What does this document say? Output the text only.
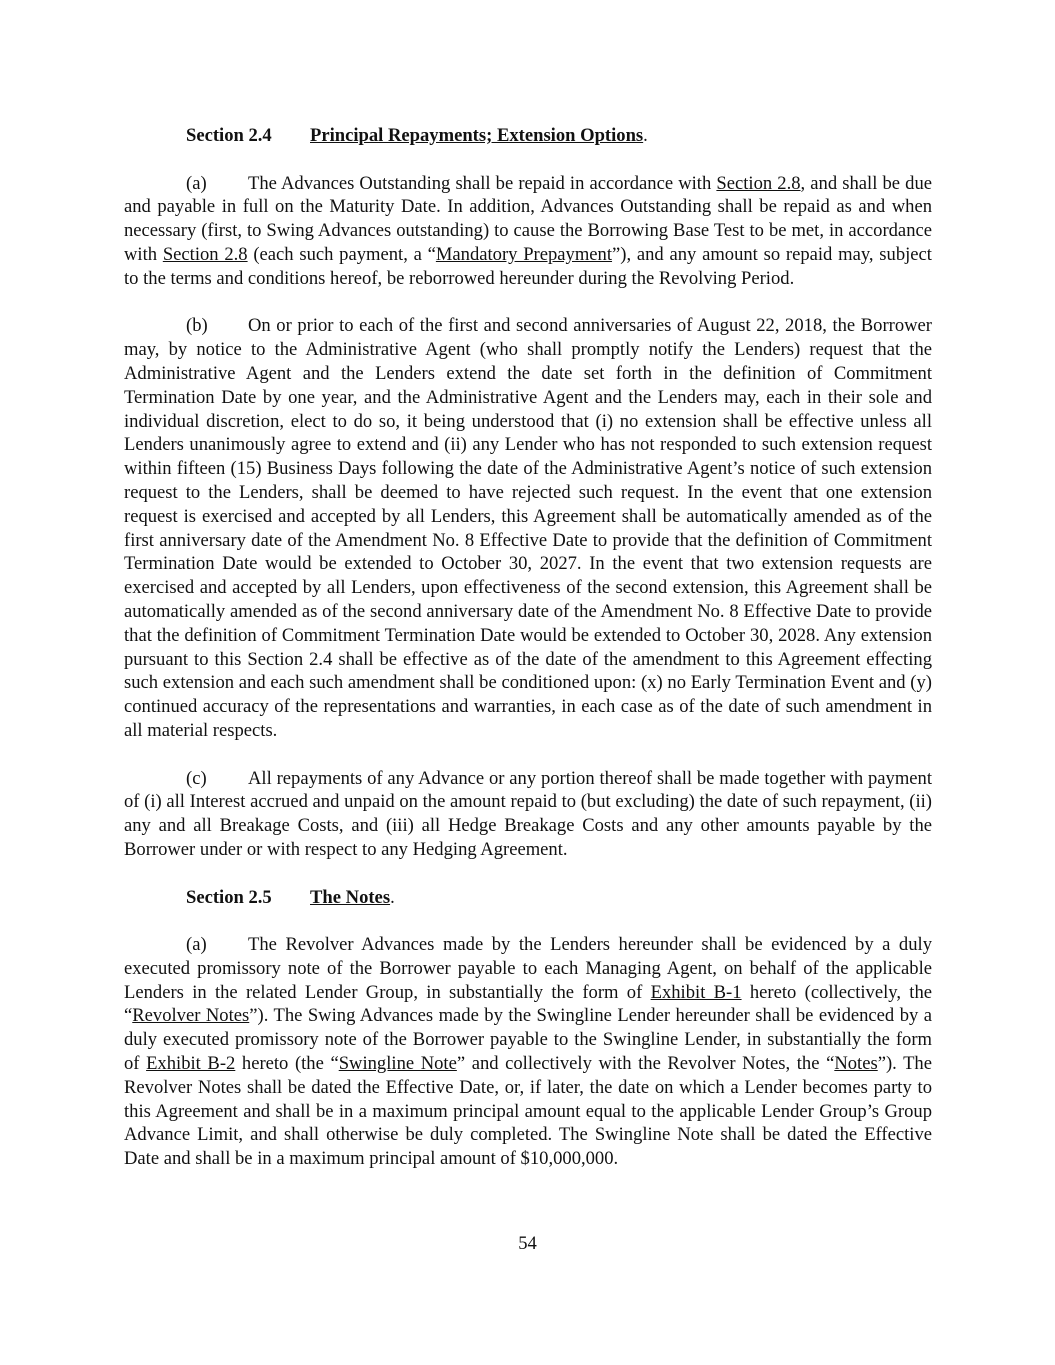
Section 2.4 Principal Repayments; Extension Options.

(a) The Advances Outstanding shall be repaid in accordance with Section 2.8, and shall be due and payable in full on the Maturity Date. In addition, Advances Outstanding shall be repaid as and when necessary (first, to Swing Advances outstanding) to cause the Borrowing Base Test to be met, in accordance with Section 2.8 (each such payment, a “Mandatory Prepayment”), and any amount so repaid may, subject to the terms and conditions hereof, be reborrowed hereunder during the Revolving Period.

(b) On or prior to each of the first and second anniversaries of August 22, 2018, the Borrower may, by notice to the Administrative Agent (who shall promptly notify the Lenders) request that the Administrative Agent and the Lenders extend the date set forth in the definition of Commitment Termination Date by one year, and the Administrative Agent and the Lenders may, each in their sole and individual discretion, elect to do so, it being understood that (i) no extension shall be effective unless all Lenders unanimously agree to extend and (ii) any Lender who has not responded to such extension request within fifteen (15) Business Days following the date of the Administrative Agent’s notice of such extension request to the Lenders, shall be deemed to have rejected such request. In the event that one extension request is exercised and accepted by all Lenders, this Agreement shall be automatically amended as of the first anniversary date of the Amendment No. 8 Effective Date to provide that the definition of Commitment Termination Date would be extended to October 30, 2027. In the event that two extension requests are exercised and accepted by all Lenders, upon effectiveness of the second extension, this Agreement shall be automatically amended as of the second anniversary date of the Amendment No. 8 Effective Date to provide that the definition of Commitment Termination Date would be extended to October 30, 2028. Any extension pursuant to this Section 2.4 shall be effective as of the date of the amendment to this Agreement effecting such extension and each such amendment shall be conditioned upon: (x) no Early Termination Event and (y) continued accuracy of the representations and warranties, in each case as of the date of such amendment in all material respects.

(c) All repayments of any Advance or any portion thereof shall be made together with payment of (i) all Interest accrued and unpaid on the amount repaid to (but excluding) the date of such repayment, (ii) any and all Breakage Costs, and (iii) all Hedge Breakage Costs and any other amounts payable by the Borrower under or with respect to any Hedging Agreement.

Section 2.5 The Notes.

(a) The Revolver Advances made by the Lenders hereunder shall be evidenced by a duly executed promissory note of the Borrower payable to each Managing Agent, on behalf of the applicable Lenders in the related Lender Group, in substantially the form of Exhibit B-1 hereto (collectively, the “Revolver Notes”). The Swing Advances made by the Swingline Lender hereunder shall be evidenced by a duly executed promissory note of the Borrower payable to the Swingline Lender, in substantially the form of Exhibit B-2 hereto (the “Swingline Note” and collectively with the Revolver Notes, the “Notes”). The Revolver Notes shall be dated the Effective Date, or, if later, the date on which a Lender becomes party to this Agreement and shall be in a maximum principal amount equal to the applicable Lender Group’s Group Advance Limit, and shall otherwise be duly completed. The Swingline Note shall be dated the Effective Date and shall be in a maximum principal amount of $10,000,000.

54
